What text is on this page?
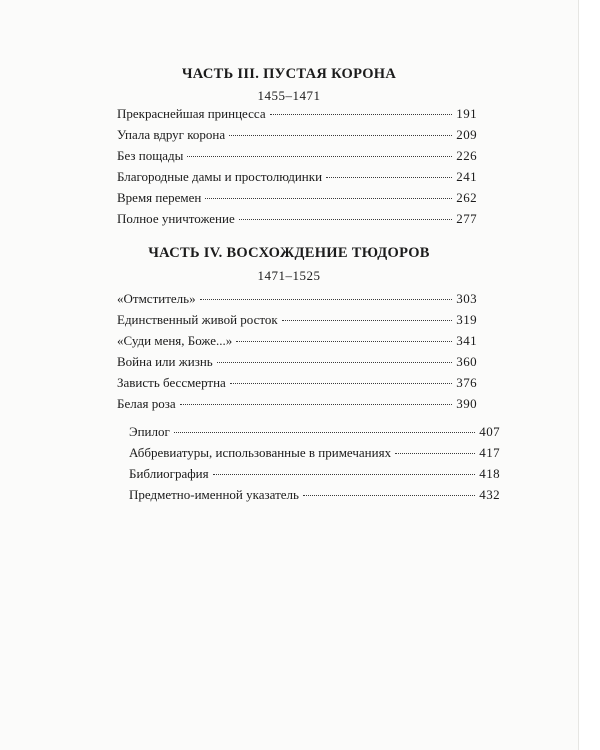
ЧАСТЬ III. ПУСТАЯ КОРОНА
1455–1471
Прекраснейшая принцесса	191
Упала вдруг корона	209
Без пощады	226
Благородные дамы и простолюдинки	241
Время перемен	262
Полное уничтожение	277
ЧАСТЬ IV. ВОСХОЖДЕНИЕ ТЮДОРОВ
1471–1525
«Отмститель»	303
Единственный живой росток	319
«Суди меня, Боже...»	341
Война или жизнь	360
Зависть бессмертна	376
Белая роза	390
Эпилог	407
Аббревиатуры, использованные в примечаниях	417
Библиография	418
Предметно-именной указатель	432
